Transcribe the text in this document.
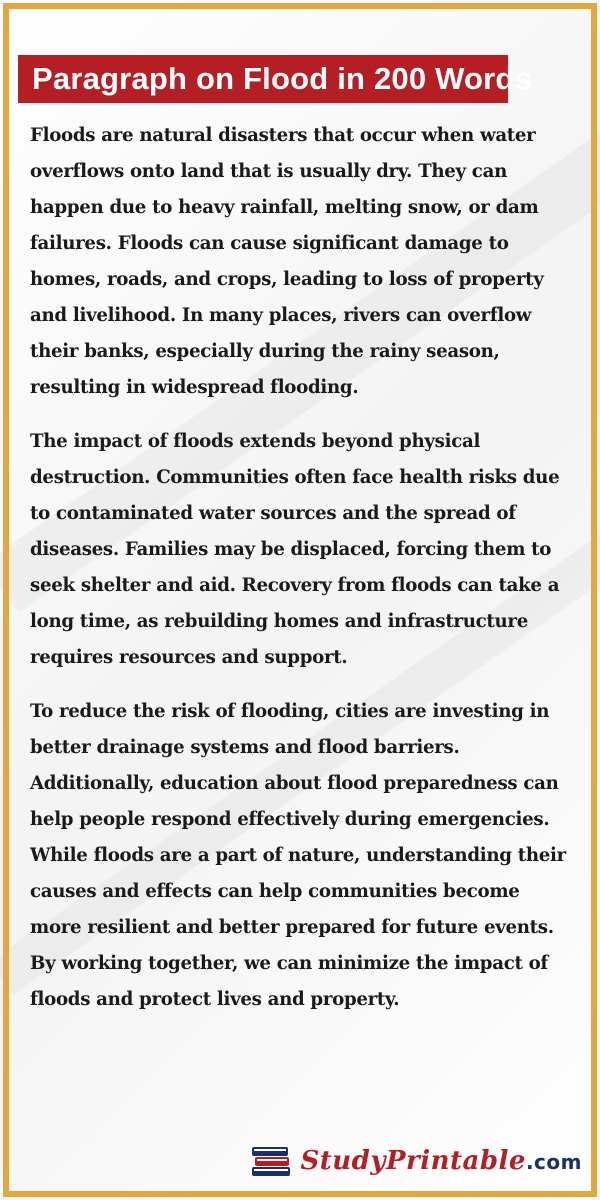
Paragraph on Flood in 200 Words

Floods are natural disasters that occur when water overflows onto land that is usually dry. They can happen due to heavy rainfall, melting snow, or dam failures. Floods can cause significant damage to homes, roads, and crops, leading to loss of property and livelihood. In many places, rivers can overflow their banks, especially during the rainy season, resulting in widespread flooding.

The impact of floods extends beyond physical destruction. Communities often face health risks due to contaminated water sources and the spread of diseases. Families may be displaced, forcing them to seek shelter and aid. Recovery from floods can take a long time, as rebuilding homes and infrastructure requires resources and support.

To reduce the risk of flooding, cities are investing in better drainage systems and flood barriers. Additionally, education about flood preparedness can help people respond effectively during emergencies. While floods are a part of nature, understanding their causes and effects can help communities become more resilient and better prepared for future events. By working together, we can minimize the impact of floods and protect lives and property.

StudyPrintable.com
